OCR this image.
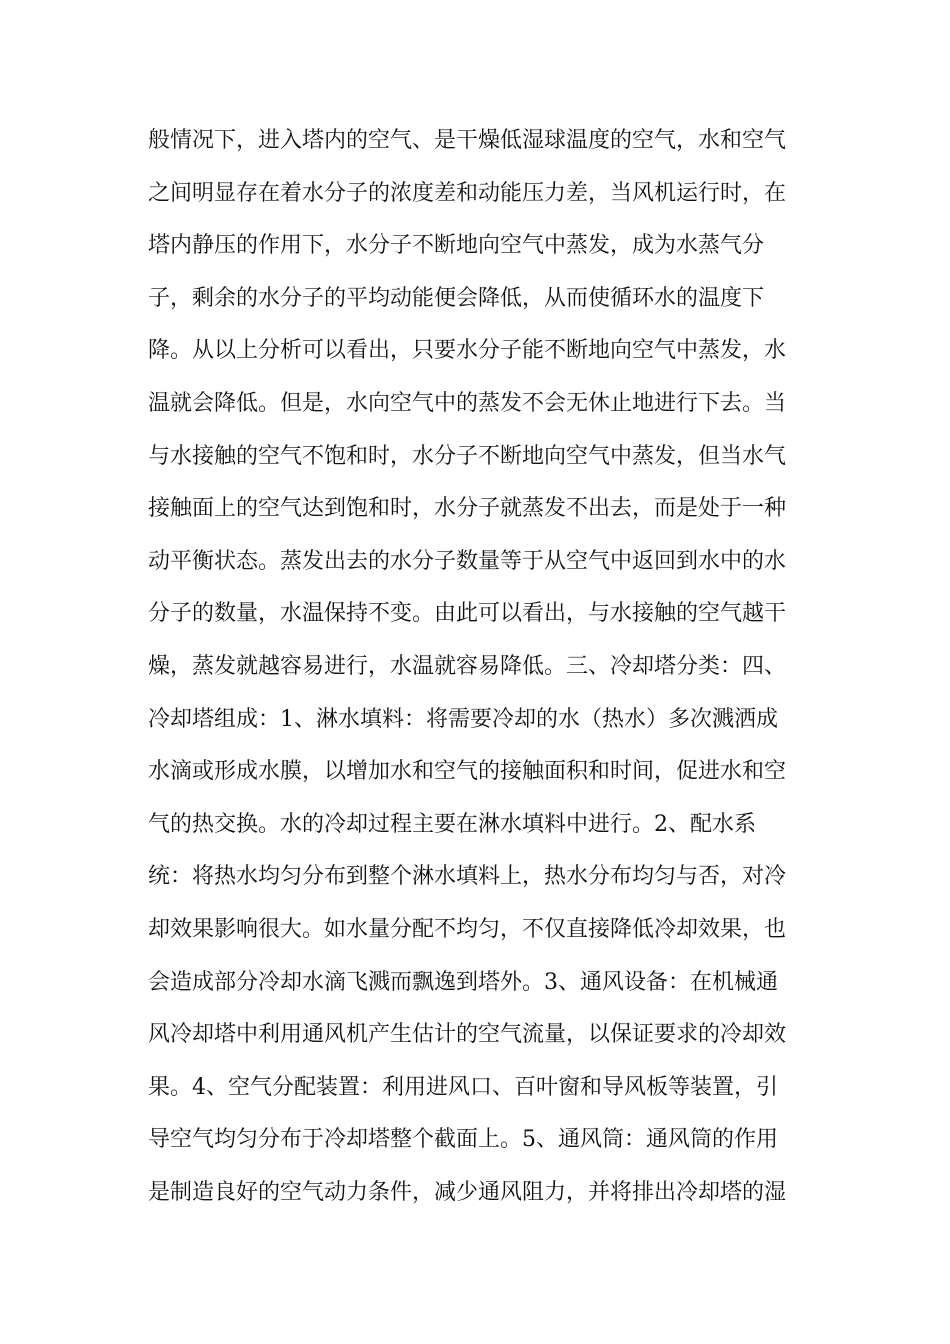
般情况下，进入塔内的空气、是干燥低湿球温度的空气，水和空气
之间明显存在着水分子的浓度差和动能压力差，当风机运行时，在
塔内静压的作用下，水分子不断地向空气中蒸发，成为水蒸气分
子，剩余的水分子的平均动能便会降低，从而使循环水的温度下
降。从以上分析可以看出，只要水分子能不断地向空气中蒸发，水
温就会降低。但是，水向空气中的蒸发不会无休止地进行下去。当
与水接触的空气不饱和时，水分子不断地向空气中蒸发，但当水气
接触面上的空气达到饱和时，水分子就蒸发不出去，而是处于一种
动平衡状态。蒸发出去的水分子数量等于从空气中返回到水中的水
分子的数量，水温保持不变。由此可以看出，与水接触的空气越干
燥，蒸发就越容易进行，水温就容易降低。三、冷却塔分类：四、
冷却塔组成：1、淋水填料：将需要冷却的水（热水）多次溅洒成
水滴或形成水膜，以增加水和空气的接触面积和时间，促进水和空
气的热交换。水的冷却过程主要在淋水填料中进行。2、配水系
统：将热水均匀分布到整个淋水填料上，热水分布均匀与否，对冷
却效果影响很大。如水量分配不均匀，不仅直接降低冷却效果，也
会造成部分冷却水滴飞溅而飘逸到塔外。3、通风设备：在机械通
风冷却塔中利用通风机产生估计的空气流量，以保证要求的冷却效
果。4、空气分配装置：利用进风口、百叶窗和导风板等装置，引
导空气均匀分布于冷却塔整个截面上。5、通风筒：通风筒的作用
是制造良好的空气动力条件，减少通风阻力，并将排出冷却塔的湿
